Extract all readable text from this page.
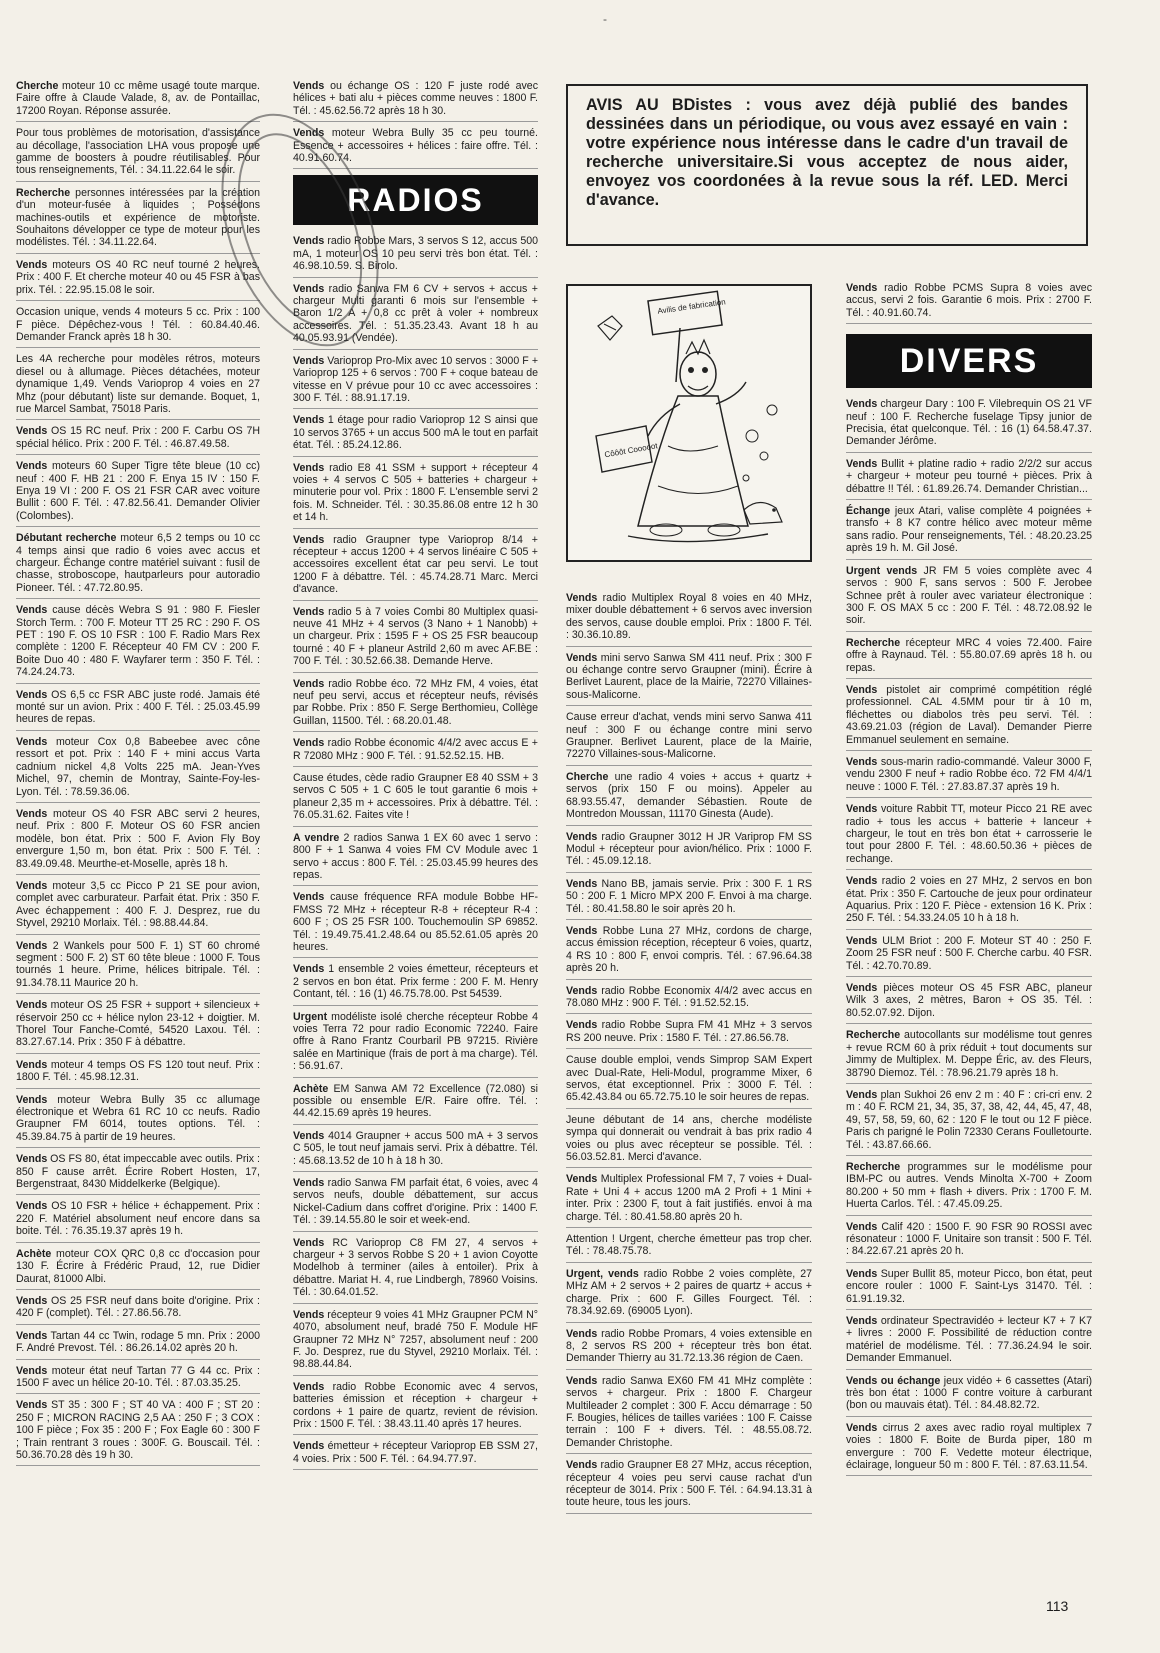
-
Cherche moteur 10 cc même usagé toute marque. Faire offre à Claude Valade, 8, av. de Pontaillac, 17200 Royan. Réponse assurée.
Pour tous problèmes de motorisation, d'assistance au décollage, l'association LHA vous propose une gamme de boosters à poudre réutilisables. Pour tous renseignements, Tél. : 34.11.22.64 le soir.
Recherche personnes intéressées par la création d'un moteur-fusée à liquides ; Possédons machines-outils et expérience de motoriste. Souhaitons développer ce type de moteur pour les modélistes. Tél. : 34.11.22.64.
Vends moteurs OS 40 RC neuf tourné 2 heures. Prix : 400 F. Et cherche moteur 40 ou 45 FSR à bas prix. Tél. : 22.95.15.08 le soir.
Occasion unique, vends 4 moteurs 5 cc. Prix : 100 F pièce. Dépêchez-vous ! Tél. : 60.84.40.46. Demander Franck après 18 h 30.
Les 4A recherche pour modèles rétros, moteurs diesel ou à allumage. Pièces détachées, moteur dynamique 1,49. Vends Varioprop 4 voies en 27 Mhz (pour débutant) liste sur demande. Boquet, 1, rue Marcel Sambat, 75018 Paris.
Vends OS 15 RC neuf. Prix : 200 F. Carbu OS 7H spécial hélico. Prix : 200 F. Tél. : 46.87.49.58.
Vends moteurs 60 Super Tigre tête bleue (10 cc) neuf : 400 F. HB 21 : 200 F. Enya 15 IV : 150 F. Enya 19 VI : 200 F. OS 21 FSR CAR avec voiture Bullit : 600 F. Tél. : 47.82.56.41. Demander Olivier (Colombes).
Débutant recherche moteur 6,5 2 temps ou 10 cc 4 temps ainsi que radio 6 voies avec accus et chargeur. Échange contre matériel suivant : fusil de chasse, stroboscope, hautparleurs pour autoradio Pioneer. Tél. : 47.72.80.95.
Vends cause décès Webra S 91 : 980 F. Fiesler Storch Term. : 700 F. Moteur TT 25 RC : 290 F. OS PET : 190 F. OS 10 FSR : 100 F. Radio Mars Rex complète : 1200 F. Récepteur 40 FM CV : 200 F. Boite Duo 40 : 480 F. Wayfarer term : 350 F. Tél. : 74.24.24.73.
Vends OS 6,5 cc FSR ABC juste rodé. Jamais été monté sur un avion. Prix : 400 F. Tél. : 25.03.45.99 heures de repas.
Vends moteur Cox 0,8 Babeebee avec cône ressort et pot. Prix : 140 F + mini accus Varta cadnium nickel 4,8 Volts 225 mA. Jean-Yves Michel, 97, chemin de Montray, Sainte-Foy-les-Lyon. Tél. : 78.59.36.06.
Vends moteur OS 40 FSR ABC servi 2 heures, neuf. Prix : 800 F. Moteur OS 60 FSR ancien modèle, bon état. Prix : 500 F. Avion Fly Boy envergure 1,50 m, bon état. Prix : 500 F. Tél. : 83.49.09.48. Meurthe-et-Moselle, après 18 h.
Vends moteur 3,5 cc Picco P 21 SE pour avion, complet avec carburateur. Parfait état. Prix : 350 F. Avec échappement : 400 F. J. Desprez, rue du Styvel, 29210 Morlaix. Tél. : 98.88.44.84.
Vends 2 Wankels pour 500 F. 1) ST 60 chromé segment : 500 F. 2) ST 60 tête bleue : 1000 F. Tous tournés 1 heure. Prime, hélices bitripale. Tél. : 91.34.78.11 Maurice 20 h.
Vends moteur OS 25 FSR + support + silencieux + réservoir 250 cc + hélice nylon 23-12 + doigtier. M. Thorel Tour Fanche-Comté, 54520 Laxou. Tél. : 83.27.67.14. Prix : 350 F à débattre.
Vends moteur 4 temps OS FS 120 tout neuf. Prix : 1800 F. Tél. : 45.98.12.31.
Vends moteur Webra Bully 35 cc allumage électronique et Webra 61 RC 10 cc neufs. Radio Graupner FM 6014, toutes options. Tél. : 45.39.84.75 à partir de 19 heures.
Vends OS FS 80, état impeccable avec outils. Prix : 850 F cause arrêt. Écrire Robert Hosten, 17, Bergenstraat, 8430 Middelkerke (Belgique).
Vends OS 10 FSR + hélice + échappement. Prix : 220 F. Matériel absolument neuf encore dans sa boite. Tél. : 76.35.19.37 après 19 h.
Achète moteur COX QRC 0,8 cc d'occasion pour 130 F. Écrire à Frédéric Praud, 12, rue Didier Daurat, 81000 Albi.
Vends OS 25 FSR neuf dans boite d'origine. Prix : 420 F (complet). Tél. : 27.86.56.78.
Vends Tartan 44 cc Twin, rodage 5 mn. Prix : 2000 F. André Prevost. Tél. : 86.26.14.02 après 20 h.
Vends moteur état neuf Tartan 77 G 44 cc. Prix : 1500 F avec un hélice 20-10. Tél. : 87.03.35.25.
Vends ST 35 : 300 F ; ST 40 VA : 400 F ; ST 20 : 250 F ; MICRON RACING 2,5 AA : 250 F ; 3 COX : 100 F pièce ; Fox 35 : 200 F ; Fox Eagle 60 : 300 F ; Train rentrant 3 roues : 300F. G. Bouscail. Tél. : 50.36.70.28 dès 19 h 30.
Vends ou échange OS : 120 F juste rodé avec hélices + bati alu + pièces comme neuves : 1800 F. Tél. : 45.62.56.72 après 18 h 30.
Vends moteur Webra Bully 35 cc peu tourné. Essence + accessoires + hélices : faire offre. Tél. : 40.91.60.74.
RADIOS
Vends radio Robbe Mars, 3 servos S 12, accus 500 mA, 1 moteur OS 10 peu servi très bon état. Tél. : 46.98.10.59. S. Birolo.
Vends radio Sanwa FM 6 CV + servos + accus + chargeur Multi garanti 6 mois sur l'ensemble + Baron 1/2 A + 0,8 cc prêt à voler + nombreux accessoires. Tél. : 51.35.23.43. Avant 18 h au 40.05.93.91 (Vendée).
Vends Varioprop Pro-Mix avec 10 servos : 3000 F + Varioprop 125 + 6 servos : 700 F + coque bateau de vitesse en V prévue pour 10 cc avec accessoires : 300 F. Tél. : 88.91.17.19.
Vends 1 étage pour radio Varioprop 12 S ainsi que 10 servos 3765 + un accus 500 mA le tout en parfait état. Tél. : 85.24.12.86.
Vends radio E8 41 SSM + support + récepteur 4 voies + 4 servos C 505 + batteries + chargeur + minuterie pour vol. Prix : 1800 F. L'ensemble servi 2 fois. M. Schneider. Tél. : 30.35.86.08 entre 12 h 30 et 14 h.
Vends radio Graupner type Varioprop 8/14 + récepteur + accus 1200 + 4 servos linéaire C 505 + accessoires excellent état car peu servi. Le tout 1200 F à débattre. Tél. : 45.74.28.71 Marc. Merci d'avance.
Vends radio 5 à 7 voies Combi 80 Multiplex quasi-neuve 41 MHz + 4 servos (3 Nano + 1 Nanobb) + un chargeur. Prix : 1595 F + OS 25 FSR beaucoup tourné : 40 F + planeur Astrild 2,60 m avec AF.BE : 700 F. Tél. : 30.52.66.38. Demande Herve.
Vends radio Robbe éco. 72 MHz FM, 4 voies, état neuf peu servi, accus et récepteur neufs, révisés par Robbe. Prix : 850 F. Serge Berthomieu, Collège Guillan, 11500. Tél. : 68.20.01.48.
Vends radio Robbe économic 4/4/2 avec accus E + R 72080 MHz : 900 F. Tél. : 91.52.52.15. HB.
Cause études, cède radio Graupner E8 40 SSM + 3 servos C 505 + 1 C 605 le tout garantie 6 mois + planeur 2,35 m + accessoires. Prix à débattre. Tél. : 76.05.31.62. Faites vite !
A vendre 2 radios Sanwa 1 EX 60 avec 1 servo : 800 F + 1 Sanwa 4 voies FM CV Module avec 1 servo + accus : 800 F. Tél. : 25.03.45.99 heures des repas.
Vends cause fréquence RFA module Bobbe HF-FMSS 72 MHz + récepteur R-8 + récepteur R-4 : 600 F ; OS 25 FSR 100. Touchemoulin SP 69852. Tél. : 19.49.75.41.2.48.64 ou 85.52.61.05 après 20 heures.
Vends 1 ensemble 2 voies émetteur, récepteurs et 2 servos en bon état. Prix ferme : 200 F. M. Henry Contant, tél. : 16 (1) 46.75.78.00. Pst 54539.
Urgent modéliste isolé cherche récepteur Robbe 4 voies Terra 72 pour radio Economic 72240. Faire offre à Rano Frantz Courbaril PB 97215. Rivière salée en Martinique (frais de port à ma charge). Tél. : 56.91.67.
Achète EM Sanwa AM 72 Excellence (72.080) si possible ou ensemble E/R. Faire offre. Tél. : 44.42.15.69 après 19 heures.
Vends 4014 Graupner + accus 500 mA + 3 servos C 505, le tout neuf jamais servi. Prix à débattre. Tél. : 45.68.13.52 de 10 h à 18 h 30.
Vends radio Sanwa FM parfait état, 6 voies, avec 4 servos neufs, double débattement, sur accus Nickel-Cadium dans coffret d'origine. Prix : 1400 F. Tél. : 39.14.55.80 le soir et week-end.
Vends RC Varioprop C8 FM 27, 4 servos + chargeur + 3 servos Robbe S 20 + 1 avion Coyotte Modelhob à terminer (ailes à entoiler). Prix à débattre. Mariat H. 4, rue Lindbergh, 78960 Voisins. Tél. : 30.64.01.52.
Vends récepteur 9 voies 41 MHz Graupner PCM N° 4070, absolument neuf, bradé 750 F. Module HF Graupner 72 MHz N° 7257, absolument neuf : 200 F. Jo. Desprez, rue du Styvel, 29210 Morlaix. Tél. : 98.88.44.84.
Vends radio Robbe Economic avec 4 servos, batteries émission et réception + chargeur + cordons + 1 paire de quartz, revient de révision. Prix : 1500 F. Tél. : 38.43.11.40 après 17 heures.
Vends émetteur + récepteur Varioprop EB SSM 27, 4 voies. Prix : 500 F. Tél. : 64.94.77.97.
AVIS AU BDistes : vous avez déjà publié des bandes dessinées dans un périodique, ou vous avez essayé en vain : votre expérience nous intéresse dans le cadre d'un travail de recherche universitaire.Si vous acceptez de nous aider, envoyez vos coordonées à la revue sous la réf. LED. Merci d'avance.
Avilis de fabrication
Côôôt Cooooot
Vends radio Multiplex Royal 8 voies en 40 MHz, mixer double débattement + 6 servos avec inversion des servos, cause double emploi. Prix : 1800 F. Tél. : 30.36.10.89.
Vends mini servo Sanwa SM 411 neuf. Prix : 300 F ou échange contre servo Graupner (mini). Écrire à Berlivet Laurent, place de la Mairie, 72270 Villaines-sous-Malicorne.
Cause erreur d'achat, vends mini servo Sanwa 411 neuf : 300 F ou échange contre mini servo Graupner. Berlivet Laurent, place de la Mairie, 72270 Villaines-sous-Malicorne.
Cherche une radio 4 voies + accus + quartz + servos (prix 150 F ou moins). Appeler au 68.93.55.47, demander Sébastien. Route de Montredon Moussan, 11170 Ginesta (Aude).
Vends radio Graupner 3012 H JR Variprop FM SS Modul + récepteur pour avion/hélico. Prix : 1000 F. Tél. : 45.09.12.18.
Vends Nano BB, jamais servie. Prix : 300 F. 1 RS 50 : 200 F. 1 Micro MPX 200 F. Envoi à ma charge. Tél. : 80.41.58.80 le soir après 20 h.
Vends Robbe Luna 27 MHz, cordons de charge, accus émission réception, récepteur 6 voies, quartz, 4 RS 10 : 800 F, envoi compris. Tél. : 67.96.64.38 après 20 h.
Vends radio Robbe Economix 4/4/2 avec accus en 78.080 MHz : 900 F. Tél. : 91.52.52.15.
Vends radio Robbe Supra FM 41 MHz + 3 servos RS 200 neuve. Prix : 1580 F. Tél. : 27.86.56.78.
Cause double emploi, vends Simprop SAM Expert avec Dual-Rate, Heli-Modul, programme Mixer, 6 servos, état exceptionnel. Prix : 3000 F. Tél. : 65.42.43.84 ou 65.72.75.10 le soir heures de repas.
Jeune débutant de 14 ans, cherche modéliste sympa qui donnerait ou vendrait à bas prix radio 4 voies ou plus avec récepteur se possible. Tél. : 56.03.52.81. Merci d'avance.
Vends Multiplex Professional FM 7, 7 voies + Dual-Rate + Uni 4 + accus 1200 mA 2 Profi + 1 Mini + inter. Prix : 2300 F, tout à fait justifiés. envoi à ma charge. Tél. : 80.41.58.80 après 20 h.
Attention ! Urgent, cherche émetteur pas trop cher. Tél. : 78.48.75.78.
Urgent, vends radio Robbe 2 voies complète, 27 MHz AM + 2 servos + 2 paires de quartz + accus + charge. Prix : 600 F. Gilles Fourgect. Tél. : 78.34.92.69. (69005 Lyon).
Vends radio Robbe Promars, 4 voies extensible en 8, 2 servos RS 200 + récepteur très bon état. Demander Thierry au 31.72.13.36 région de Caen.
Vends radio Sanwa EX60 FM 41 MHz complète : servos + chargeur. Prix : 1800 F. Chargeur Multileader 2 complet : 300 F. Accu démarrage : 50 F. Bougies, hélices de tailles variées : 100 F. Caisse terrain : 100 F + divers. Tél. : 48.55.08.72. Demander Christophe.
Vends radio Graupner E8 27 MHz, accus réception, récepteur 4 voies peu servi cause rachat d'un récepteur de 3014. Prix : 500 F. Tél. : 64.94.13.31 à toute heure, tous les jours.
Vends radio Robbe PCMS Supra 8 voies avec accus, servi 2 fois. Garantie 6 mois. Prix : 2700 F. Tél. : 40.91.60.74.
DIVERS
Vends chargeur Dary : 100 F. Vilebrequin OS 21 VF neuf : 100 F. Recherche fuselage Tipsy junior de Precisia, état quelconque. Tél. : 16 (1) 64.58.47.37. Demander Jérôme.
Vends Bullit + platine radio + radio 2/2/2 sur accus + chargeur + moteur peu tourné + pièces. Prix à débattre !! Tél. : 61.89.26.74. Demander Christian...
Échange jeux Atari, valise complète 4 poignées + transfo + 8 K7 contre hélico avec moteur même sans radio. Pour renseignements, Tél. : 48.20.23.25 après 19 h. M. Gil José.
Urgent vends JR FM 5 voies complète avec 4 servos : 900 F, sans servos : 500 F. Jerobee Schnee prêt à rouler avec variateur électronique : 300 F. OS MAX 5 cc : 200 F. Tél. : 48.72.08.92 le soir.
Recherche récepteur MRC 4 voies 72.400. Faire offre à Raynaud. Tél. : 55.80.07.69 après 18 h. ou repas.
Vends pistolet air comprimé compétition réglé professionnel. CAL 4.5MM pour tir à 10 m, fléchettes ou diabolos très peu servi. Tél. : 43.69.21.03 (région de Laval). Demander Pierre Emmanuel seulement en semaine.
Vends sous-marin radio-commandé. Valeur 3000 F, vendu 2300 F neuf + radio Robbe éco. 72 FM 4/4/1 neuve : 1000 F. Tél. : 27.83.87.37 après 19 h.
Vends voiture Rabbit TT, moteur Picco 21 RE avec radio + tous les accus + batterie + lanceur + chargeur, le tout en très bon état + carrosserie le tout pour 2800 F. Tél. : 48.60.50.36 + pièces de rechange.
Vends radio 2 voies en 27 MHz, 2 servos en bon état. Prix : 350 F. Cartouche de jeux pour ordinateur Aquarius. Prix : 120 F. Pièce - extension 16 K. Prix : 250 F. Tél. : 54.33.24.05 10 h à 18 h.
Vends ULM Briot : 200 F. Moteur ST 40 : 250 F. Zoom 25 FSR neuf : 500 F. Cherche carbu. 40 FSR. Tél. : 42.70.70.89.
Vends pièces moteur OS 45 FSR ABC, planeur Wilk 3 axes, 2 mètres, Baron + OS 35. Tél. : 80.52.07.92. Dijon.
Recherche autocollants sur modélisme tout genres + revue RCM 60 à prix réduit + tout documents sur Jimmy de Multiplex. M. Deppe Éric, av. des Fleurs, 38790 Diemoz. Tél. : 78.96.21.79 après 18 h.
Vends plan Sukhoi 26 env 2 m : 40 F : cri-cri env. 2 m : 40 F. RCM 21, 34, 35, 37, 38, 42, 44, 45, 47, 48, 49, 57, 58, 59, 60, 62 : 120 F le tout ou 12 F pièce. Paris ch parigné le Polin 72330 Cerans Foulletourte. Tél. : 43.87.66.66.
Recherche programmes sur le modélisme pour IBM-PC ou autres. Vends Minolta X-700 + Zoom 80.200 + 50 mm + flash + divers. Prix : 1700 F. M. Huerta Carlos. Tél. : 47.45.09.25.
Vends Calif 420 : 1500 F. 90 FSR 90 ROSSI avec résonateur : 1000 F. Unitaire son transit : 500 F. Tél. : 84.22.67.21 après 20 h.
Vends Super Bullit 85, moteur Picco, bon état, peut encore rouler : 1000 F. Saint-Lys 31470. Tél. : 61.91.19.32.
Vends ordinateur Spectravidéo + lecteur K7 + 7 K7 + livres : 2000 F. Possibilité de réduction contre matériel de modélisme. Tél. : 77.36.24.94 le soir. Demander Emmanuel.
Vends ou échange jeux vidéo + 6 cassettes (Atari) très bon état : 1000 F contre voiture à carburant (bon ou mauvais état). Tél. : 84.48.82.72.
Vends cirrus 2 axes avec radio royal multiplex 7 voies : 1800 F. Boite de Burda piper, 180 m envergure : 700 F. Vedette moteur électrique, éclairage, longueur 50 m : 800 F. Tél. : 87.63.11.54.
113
